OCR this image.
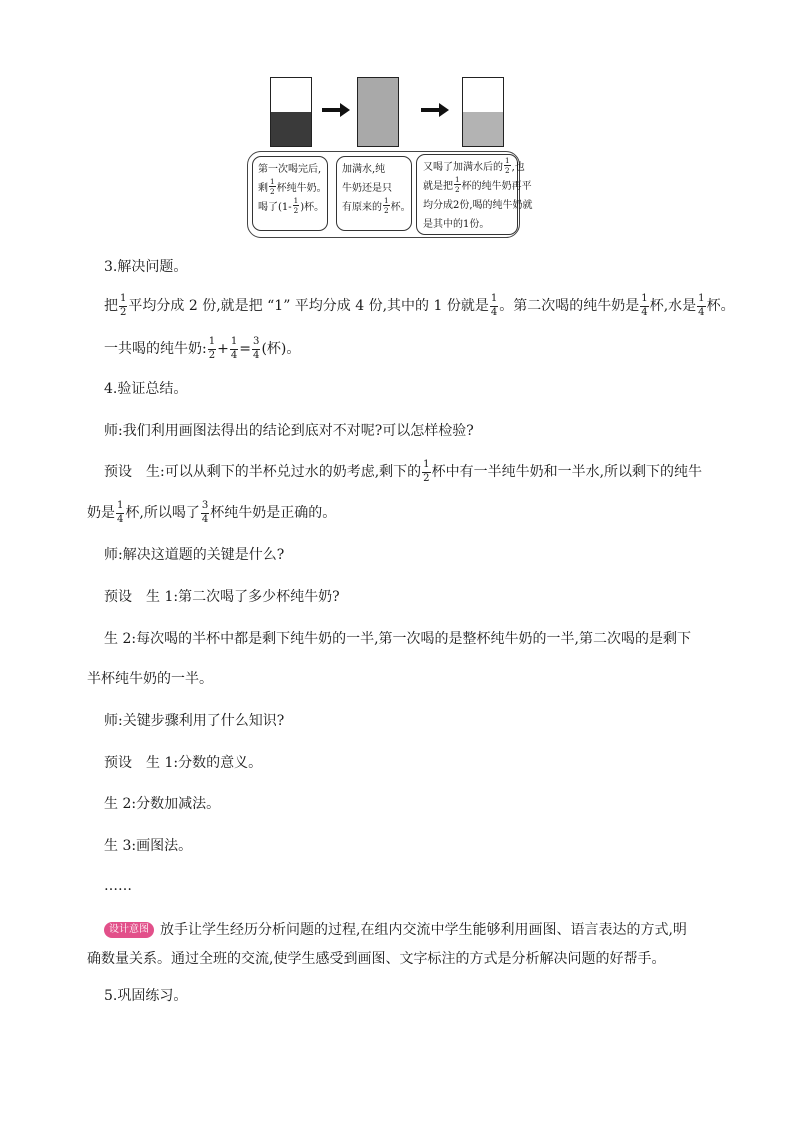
第一次喝完后,
剩 $\frac{1}{2}$ 杯纯牛奶。
喝了($1- \frac{1}{2}$ )杯。
加满水,纯
牛奶还是只
有原来的 $\frac{1}{2}$ 杯。
又喝了加满水后的 $\frac{1}{2}$ ,也
就是把 $\frac{1}{2}$ 杯的纯牛奶再平
均分成2份,喝的纯牛奶就
是其中的1份。
3.解决问题。
把 $\frac{1}{2}$ 平均分成 2 份,就是把 “1” 平均分成 4 份,其中的 1 份就是 $\frac{1}{4}$ 。第二次喝的纯牛奶是 $\frac{1}{4}$ 杯,水是 $\frac{1}{4}$ 杯。
一共喝的纯牛奶: $\frac{1}{2} + \frac{1}{4} = \frac{3}{4}$ (杯)。
4.验证总结。
师:我们利用画图法得出的结论到底对不对呢?可以怎样检验?
预设　生:可以从剩下的半杯兑过水的奶考虑,剩下的 $\frac{1}{2}$ 杯中有一半纯牛奶和一半水,所以剩下的纯牛
奶是 $\frac{1}{4}$ 杯,所以喝了 $\frac{3}{4}$ 杯纯牛奶是正确的。
师:解决这道题的关键是什么?
预设　生 1:第二次喝了多少杯纯牛奶?
生 2:每次喝的半杯中都是剩下纯牛奶的一半,第一次喝的是整杯纯牛奶的一半,第二次喝的是剩下
半杯纯牛奶的一半。
师:关键步骤利用了什么知识?
预设　生 1:分数的意义。
生 2:分数加减法。
生 3:画图法。
……
设计意图 放手让学生经历分析问题的过程,在组内交流中学生能够利用画图、语言表达的方式,明
确数量关系。通过全班的交流,使学生感受到画图、文字标注的方式是分析解决问题的好帮手。
5.巩固练习。
